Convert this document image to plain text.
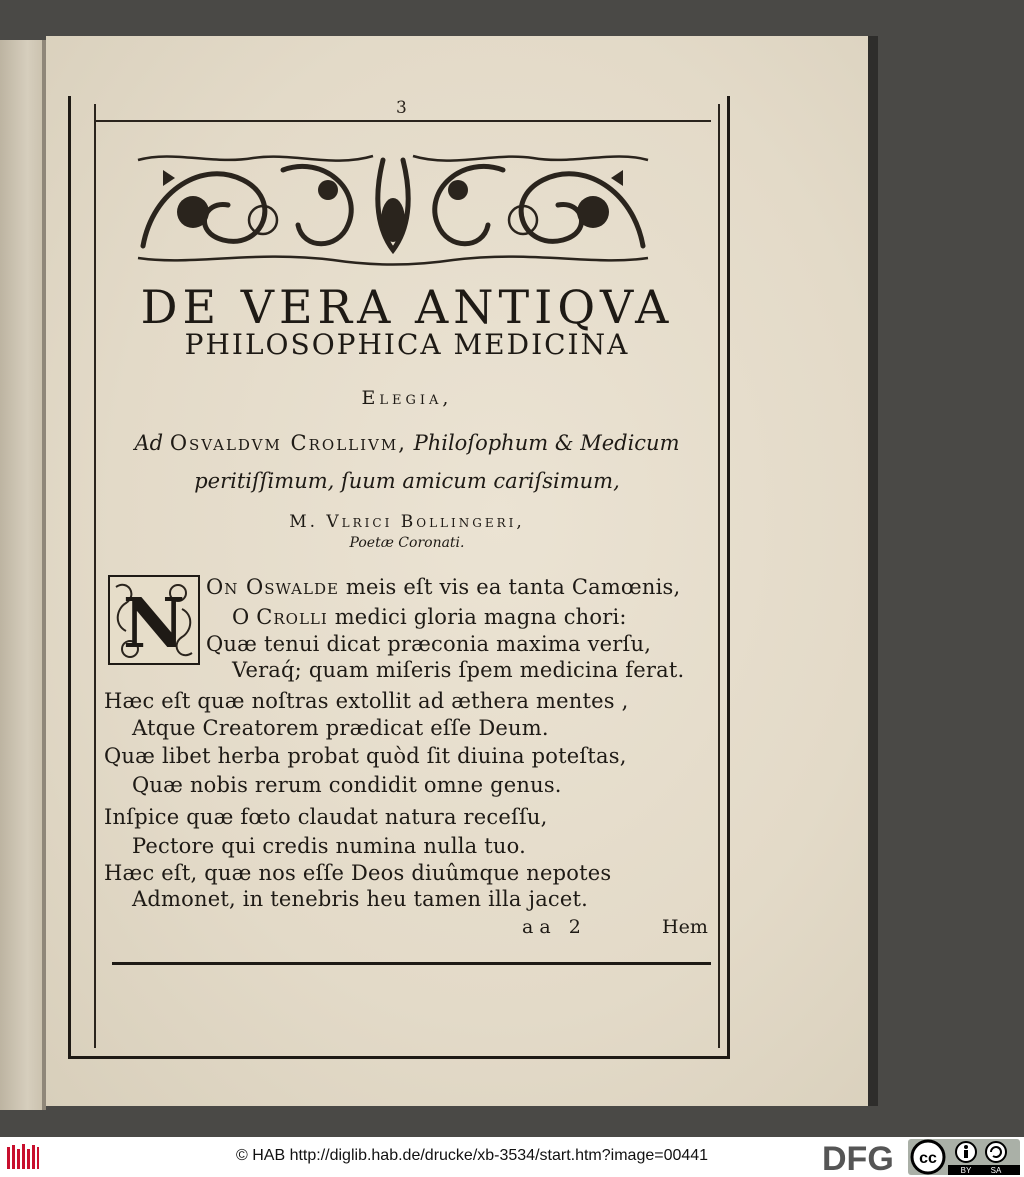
3
DE VERA ANTIQVA
PHILOSOPHICA MEDICINA
Elegia,
Ad Osvaldvm Crollivm, Philoſophum & Medicum
peritiſſimum, ſuum amicum cariſsimum,
M. Vlrici Bollingeri,
Poetæ Coronati.
N On Oswalde meis eſt vis ea tanta Camœnis,
O Crolli medici gloria magna chori:
Quæ tenui dicat præconia maxima verſu,
Veraq́; quam miſeris ſpem medicina ferat.
Hæc eſt quæ noſtras extollit ad æthera mentes ,
Atque Creatorem prædicat eſſe Deum.
Quæ libet herba probat quòd ſit diuina poteſtas,
Quæ nobis rerum condidit omne genus.
Inſpice quæ fœto claudat natura receſſu,
Pectore qui credis numina nulla tuo.
Hæc eſt, quæ nos eſſe Deos diuûmque nepotes
Admonet, in tenebris heu tamen illa jacet.
aa 2	Hem
© HAB http://diglib.hab.de/drucke/xb-3534/start.htm?image=00441	DFG cc
BY SA
